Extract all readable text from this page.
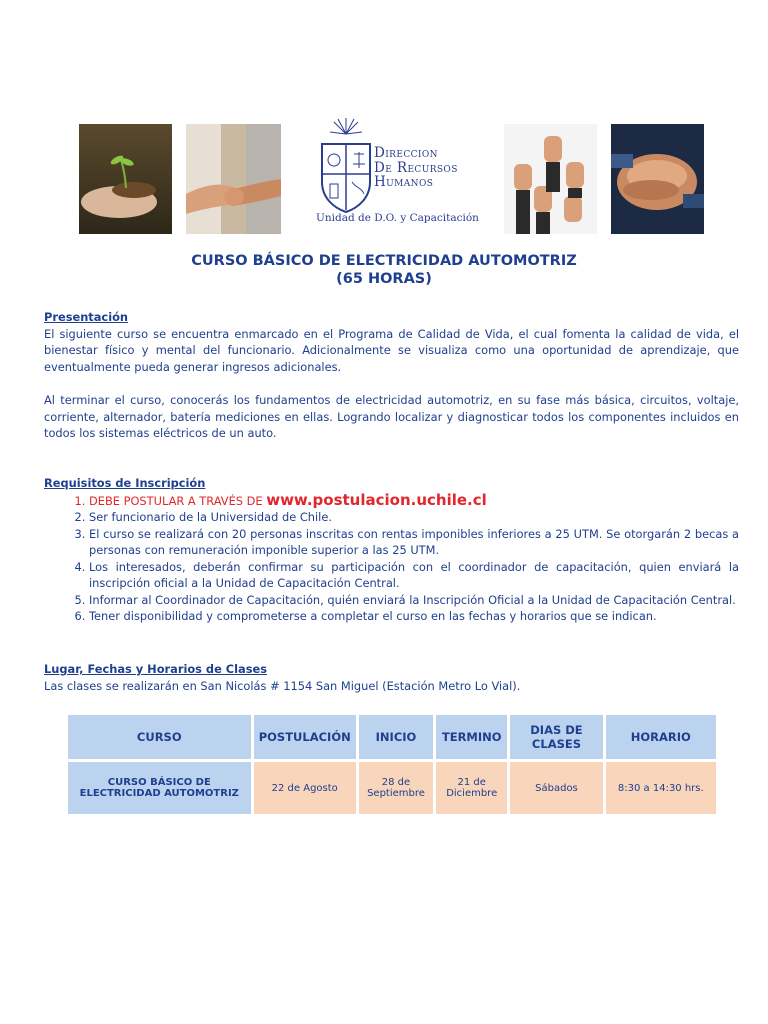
Direccion
De Recursos
Humanos
Unidad de D.O. y Capacitación
CURSO BÁSICO DE ELECTRICIDAD AUTOMOTRIZ
(65 HORAS)
Presentación
El siguiente curso se encuentra enmarcado en el Programa de Calidad de Vida, el cual fomenta la calidad de vida, el bienestar físico y mental del funcionario. Adicionalmente se visualiza como una oportunidad de aprendizaje, que eventualmente pueda generar ingresos adicionales.
Al terminar el curso, conocerás los fundamentos de electricidad automotriz, en su fase más básica, circuitos, voltaje, corriente, alternador, batería mediciones en ellas. Logrando localizar y diagnosticar todos los componentes incluidos en todos los sistemas eléctricos de un auto.
Requisitos de Inscripción
1. DEBE POSTULAR A TRAVÉS DE www.postulacion.uchile.cl
2. Ser funcionario de la Universidad de Chile.
3. El curso se realizará con 20 personas inscritas con rentas imponibles inferiores a 25 UTM. Se otorgarán 2 becas a personas con remuneración imponible superior a las 25 UTM.
4. Los interesados, deberán confirmar su participación con el coordinador de capacitación, quien enviará la inscripción oficial a la Unidad de Capacitación Central.
5. Informar al Coordinador de Capacitación, quién enviará la Inscripción Oficial a la Unidad de Capacitación Central.
6. Tener disponibilidad y comprometerse a completar el curso en las fechas y horarios que se indican.
Lugar, Fechas y Horarios de Clases
Las clases se realizarán en San Nicolás # 1154 San Miguel (Estación Metro Lo Vial).
CURSO	POSTULACIÓN	INICIO	TERMINO	DIAS DE CLASES	HORARIO
CURSO BÁSICO DE ELECTRICIDAD AUTOMOTRIZ	22 de Agosto	28 de Septiembre	21 de Diciembre	Sábados	8:30 a 14:30 hrs.
